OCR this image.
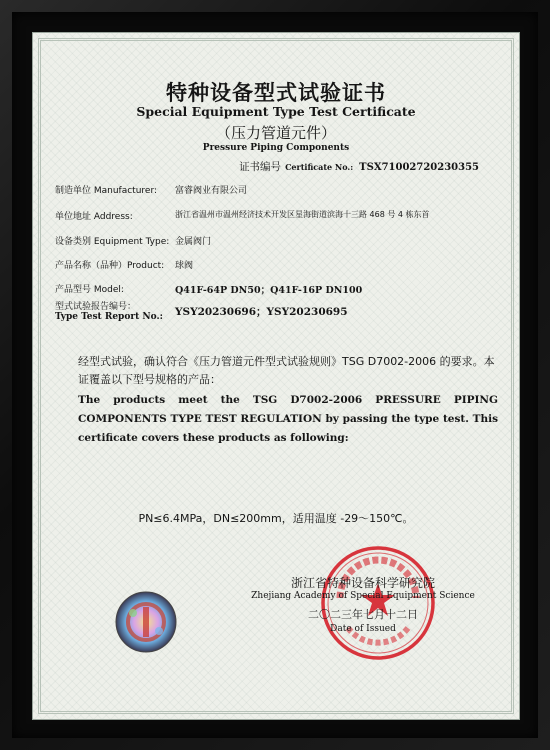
特种设备型式试验证书
Special Equipment Type Test Certificate
（压力管道元件）
Pressure Piping Components
证书编号 Certificate No.: TSX71002720230355
制造单位 Manufacturer: 富睿阀业有限公司
单位地址 Address:	浙江省温州市温州经济技术开发区星海街道滨海十三路 468 号 4 栋东首
设备类别 Equipment Type: 金属阀门
产品名称（品种）Product: 球阀
产品型号 Model:	Q41F-64P DN50；Q41F-16P DN100
型式试验报告编号：
Type Test Report No.: YSY20230696；YSY20230695
经型式试验，确认符合《压力管道元件型式试验规则》TSG D7002-2006 的要求。本证覆盖以下型号规格的产品：
The products meet the TSG D7002-2006 PRESSURE PIPING COMPONENTS TYPE TEST REGULATION by passing the type test. This certificate covers these products as following:
PN≤6.4MPa，DN≤200mm，适用温度 -29～150℃。
浙江省特种设备科学研究院
Zhejiang Academy of Special Equipment Science
二〇二三年七月十二日
Date of Issued
